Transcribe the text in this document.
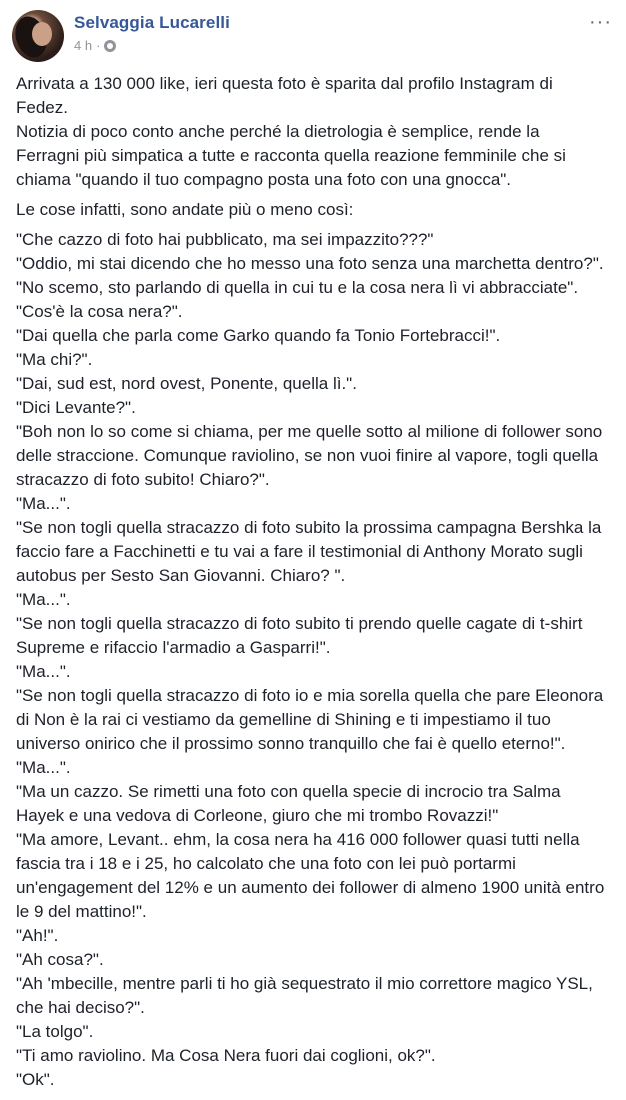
Selvaggia Lucarelli
4 h ·
···
Arrivata a 130 000 like, ieri questa foto è sparita dal profilo Instagram di
Fedez.
Notizia di poco conto anche perché la dietrologia è semplice, rende la
Ferragni più simpatica a tutte e racconta quella reazione femminile che si
chiama "quando il tuo compagno posta una foto con una gnocca".
Le cose infatti, sono andate più o meno così:
"Che cazzo di foto hai pubblicato, ma sei impazzito???"
"Oddio, mi stai dicendo che ho messo una foto senza una marchetta dentro?".
"No scemo, sto parlando di quella in cui tu e la cosa nera lì vi abbracciate".
"Cos'è la cosa nera?".
"Dai quella che parla come Garko quando fa Tonio Fortebracci!".
"Ma chi?".
"Dai, sud est, nord ovest, Ponente, quella lì.".
"Dici Levante?".
"Boh non lo so come si chiama, per me quelle sotto al milione di follower sono
delle straccione. Comunque raviolino, se non vuoi finire al vapore, togli quella
stracazzo di foto subito! Chiaro?".
"Ma...".
"Se non togli quella stracazzo di foto subito la prossima campagna Bershka la
faccio fare a Facchinetti e tu vai a fare il testimonial di Anthony Morato sugli
autobus per Sesto San Giovanni. Chiaro? ".
"Ma...".
"Se non togli quella stracazzo di foto subito ti prendo quelle cagate di t-shirt
Supreme e rifaccio l'armadio a Gasparri!".
"Ma...".
"Se non togli quella stracazzo di foto io e mia sorella quella che pare Eleonora
di Non è la rai ci vestiamo da gemelline di Shining e ti impestiamo il tuo
universo onirico che il prossimo sonno tranquillo che fai è quello eterno!".
"Ma...".
"Ma un cazzo. Se rimetti una foto con quella specie di incrocio tra Salma
Hayek e una vedova di Corleone, giuro che mi trombo Rovazzi!"
"Ma amore, Levant.. ehm, la cosa nera ha 416 000 follower quasi tutti nella
fascia tra i 18 e i 25, ho calcolato che una foto con lei può portarmi
un'engagement del 12% e un aumento dei follower di almeno 1900 unità entro
le 9 del mattino!".
"Ah!".
"Ah cosa?".
"Ah 'mbecille, mentre parli ti ho già sequestrato il mio correttore magico YSL,
che hai deciso?".
"La tolgo".
"Ti amo raviolino. Ma Cosa Nera fuori dai coglioni, ok?".
"Ok".
